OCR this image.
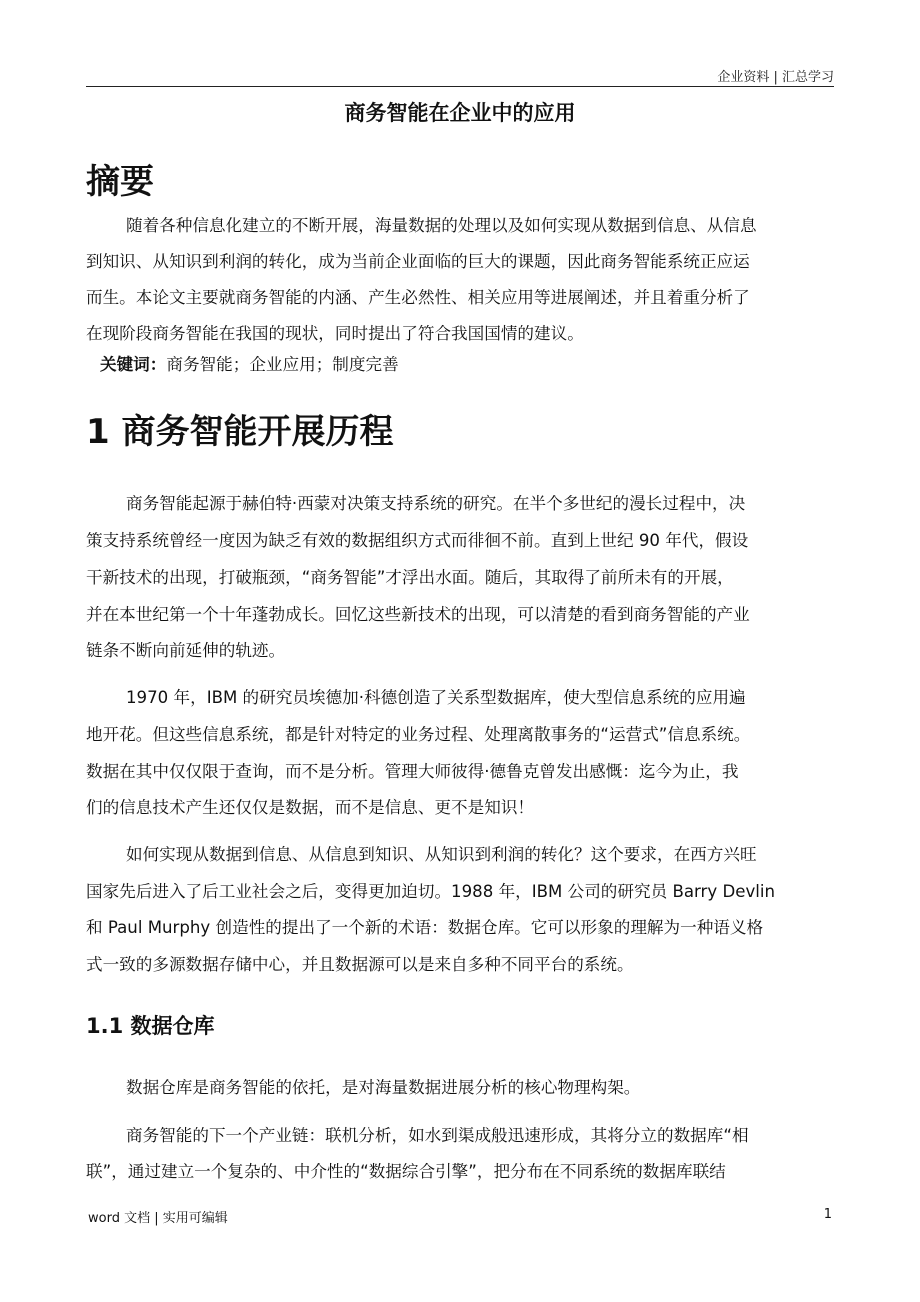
企业资料 | 汇总学习
商务智能在企业中的应用
摘要
随着各种信息化建立的不断开展，海量数据的处理以及如何实现从数据到信息、从信息
到知识、从知识到利润的转化，成为当前企业面临的巨大的课题，因此商务智能系统正应运
而生。本论文主要就商务智能的内涵、产生必然性、相关应用等进展阐述，并且着重分析了
在现阶段商务智能在我国的现状，同时提出了符合我国国情的建议。
关键词：商务智能；企业应用；制度完善
1 商务智能开展历程
商务智能起源于赫伯特·西蒙对决策支持系统的研究。在半个多世纪的漫长过程中，决
策支持系统曾经一度因为缺乏有效的数据组织方式而徘徊不前。直到上世纪 90 年代，假设
干新技术的出现，打破瓶颈，“商务智能”才浮出水面。随后，其取得了前所未有的开展，
并在本世纪第一个十年蓬勃成长。回忆这些新技术的出现，可以清楚的看到商务智能的产业
链条不断向前延伸的轨迹。
1970 年，IBM 的研究员埃德加·科德创造了关系型数据库，使大型信息系统的应用遍
地开花。但这些信息系统，都是针对特定的业务过程、处理离散事务的“运营式”信息系统。
数据在其中仅仅限于查询，而不是分析。管理大师彼得·德鲁克曾发出感慨：迄今为止，我
们的信息技术产生还仅仅是数据，而不是信息、更不是知识！
如何实现从数据到信息、从信息到知识、从知识到利润的转化？这个要求，在西方兴旺
国家先后进入了后工业社会之后，变得更加迫切。1988 年，IBM 公司的研究员 Barry Devlin
和 Paul Murphy 创造性的提出了一个新的术语：数据仓库。它可以形象的理解为一种语义格
式一致的多源数据存储中心，并且数据源可以是来自多种不同平台的系统。
1.1 数据仓库
数据仓库是商务智能的依托，是对海量数据进展分析的核心物理构架。
商务智能的下一个产业链：联机分析，如水到渠成般迅速形成，其将分立的数据库“相
联”，通过建立一个复杂的、中介性的“数据综合引擎”，把分布在不同系统的数据库联结
word 文档 | 实用可编辑	1
